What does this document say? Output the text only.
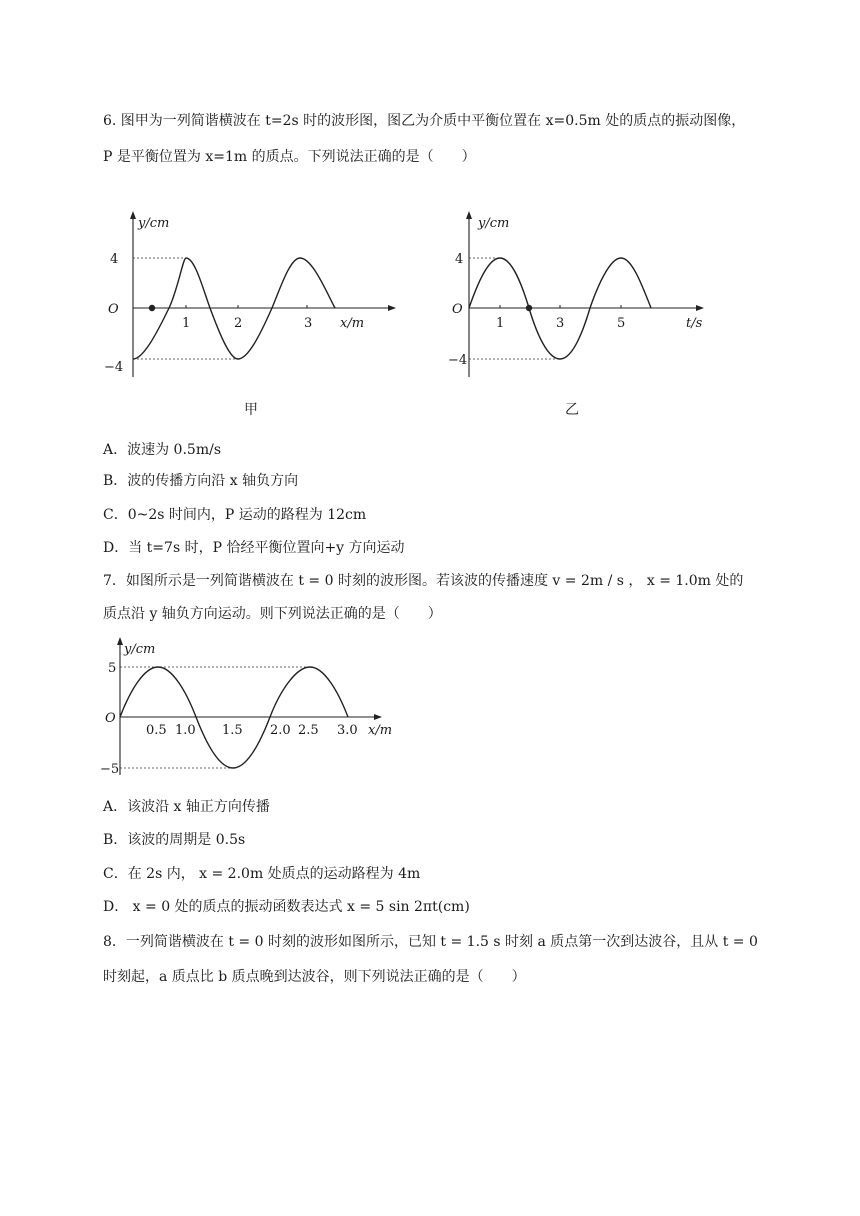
6. 图甲为一列简谐横波在 t=2s 时的波形图，图乙为介质中平衡位置在 x=0.5m 处的质点的振动图像，
P 是平衡位置为 x=1m 的质点。下列说法正确的是（　　）
y/cm
4
O
−4
1	2	3 x/m
甲
y/cm
4
O
−4
1	3	5	t/s
乙
A．波速为 0.5m/s
B．波的传播方向沿 x 轴负方向
C．0~2s 时间内，P 运动的路程为 12cm
D．当 t=7s 时，P 恰经平衡位置向+y 方向运动
7．如图所示是一列简谐横波在 t = 0 时刻的波形图。若该波的传播速度 v = 2m / s ， x = 1.0m 处的
质点沿 y 轴负方向运动。则下列说法正确的是（　　）
y/cm
5
O
−5
0.5 1.0 1.5 2.0 2.5 3.0 x/m
A．该波沿 x 轴正方向传播
B．该波的周期是 0.5s
C．在 2s 内， x = 2.0m 处质点的运动路程为 4m
D． x = 0 处的质点的振动函数表达式 x = 5 sin 2πt(cm)
8．一列简谐横波在 t = 0 时刻的波形如图所示，已知 t = 1.5 s 时刻 a 质点第一次到达波谷，且从 t = 0
时刻起，a 质点比 b 质点晚到达波谷，则下列说法正确的是（　　）
